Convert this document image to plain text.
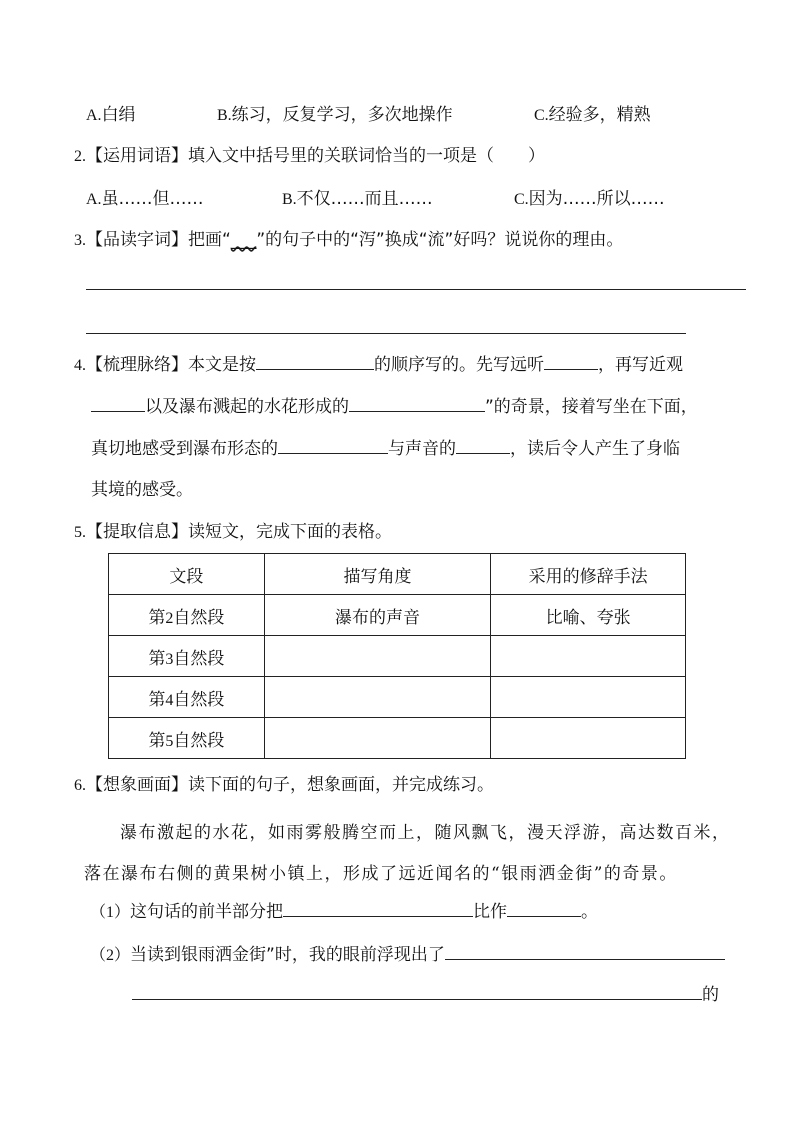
A.白绢	B.练习，反复学习，多次地操作	C.经验多，精熟
2.【运用词语】填入文中括号里的关联词恰当的一项是（　　）
A.虽……但……	B.不仅……而且……	C.因为……所以……
3.【品读字词】把画“___”的句子中的“泻”换成“流”好吗？说说你的理由。
4.【梳理脉络】本文是按	的顺序写的。先写远听	，再写近观
以及瀑布溅起的水花形成的	”的奇景，接着写坐在下面，
真切地感受到瀑布形态的	与声音的	，读后令人产生了身临
其境的感受。
5.【提取信息】读短文，完成下面的表格。
文段	描写角度	采用的修辞手法
第2自然段	瀑布的声音	比喻、夸张
第3自然段		
第4自然段		
第5自然段		
6.【想象画面】读下面的句子，想象画面，并完成练习。
瀑布激起的水花，如雨雾般腾空而上，随风飘飞，漫天浮游，高达数百米，
落在瀑布右侧的黄果树小镇上，形成了远近闻名的“银雨洒金街”的奇景。
（1）这句话的前半部分把	比作	。
（2）当读到银雨洒金街”时，我的眼前浮现出了
的
